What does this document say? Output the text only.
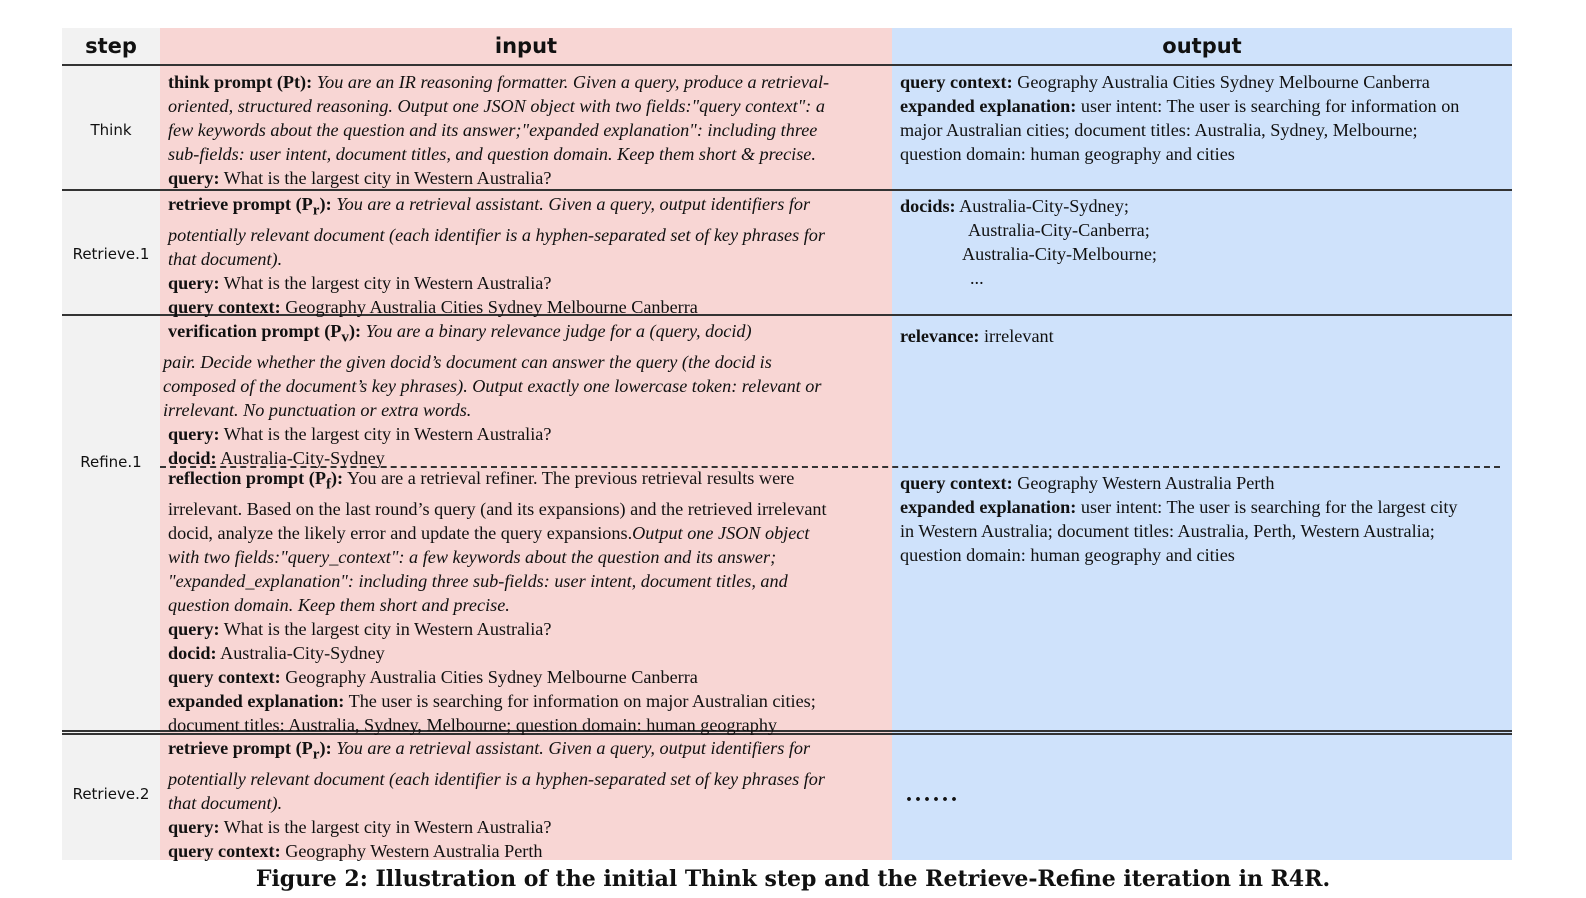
step	input	output
Think
Retrieve.1
Refine.1
Retrieve.2
think prompt (Pt): You are an IR reasoning formatter. Given a query, produce a retrieval-
oriented, structured reasoning. Output one JSON object with two fields:"query context": a
few keywords about the question and its answer;"expanded explanation": including three
sub-fields: user intent, document titles, and question domain. Keep them short & precise.
query: What is the largest city in Western Australia?
query context: Geography Australia Cities Sydney Melbourne Canberra
expanded explanation: user intent: The user is searching for information on
major Australian cities; document titles: Australia, Sydney, Melbourne;
question domain: human geography and cities
retrieve prompt $(P_r)$: You are a retrieval assistant. Given a query, output identifiers for
potentially relevant document (each identifier is a hyphen-separated set of key phrases for
that document).
query: What is the largest city in Western Australia?
query context: Geography Australia Cities Sydney Melbourne Canberra
docids: Australia-City-Sydney;
Australia-City-Canberra;
Australia-City-Melbourne;
...
verification prompt $(P_v)$: You are a binary relevance judge for a (query, docid)
pair. Decide whether the given docid’s document can answer the query (the docid is
composed of the document’s key phrases). Output exactly one lowercase token: relevant or
irrelevant. No punctuation or extra words.
query: What is the largest city in Western Australia?
docid: Australia-City-Sydney
relevance: irrelevant
reflection prompt $(P_f)$: You are a retrieval refiner. The previous retrieval results were
irrelevant. Based on the last round’s query (and its expansions) and the retrieved irrelevant
docid, analyze the likely error and update the query expansions.Output one JSON object
with two fields:"query_context": a few keywords about the question and its answer;
"expanded_explanation": including three sub-fields: user intent, document titles, and
question domain. Keep them short and precise.
query: What is the largest city in Western Australia?
docid: Australia-City-Sydney
query context: Geography Australia Cities Sydney Melbourne Canberra
expanded explanation: The user is searching for information on major Australian cities;
document titles: Australia, Sydney, Melbourne; question domain: human geography
query context: Geography Western Australia Perth
expanded explanation: user intent: The user is searching for the largest city
in Western Australia; document titles: Australia, Perth, Western Australia;
question domain: human geography and cities
retrieve prompt $(P_r)$: You are a retrieval assistant. Given a query, output identifiers for
potentially relevant document (each identifier is a hyphen-separated set of key phrases for
that document).
query: What is the largest city in Western Australia?
query context: Geography Western Australia Perth
......
Figure 2: Illustration of the initial Think step and the Retrieve-Refine iteration in R4R.
